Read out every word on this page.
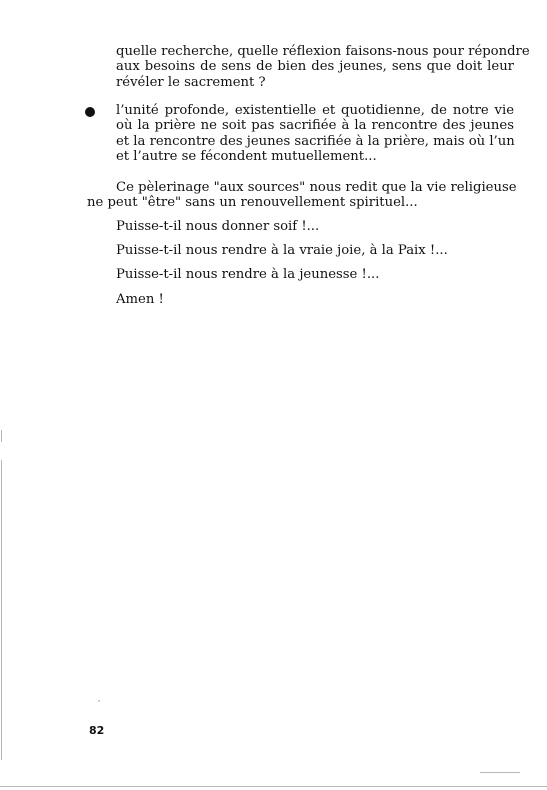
quelle recherche, quelle réflexion faisons-nous pour répondre
aux besoins de sens de bien des jeunes, sens que doit leur
révéler le sacrement ?
l’unité profonde, existentielle et quotidienne, de notre vie
où la prière ne soit pas sacrifiée à la rencontre des jeunes
et la rencontre des jeunes sacrifiée à la prière, mais où l’un
et l’autre se fécondent mutuellement...
Ce pèlerinage "aux sources" nous redit que la vie religieuse
ne peut "être" sans un renouvellement spirituel...
Puisse-t-il nous donner soif !...
Puisse-t-il nous rendre à la vraie joie, à la Paix !...
Puisse-t-il nous rendre à la jeunesse !...
Amen !
82
